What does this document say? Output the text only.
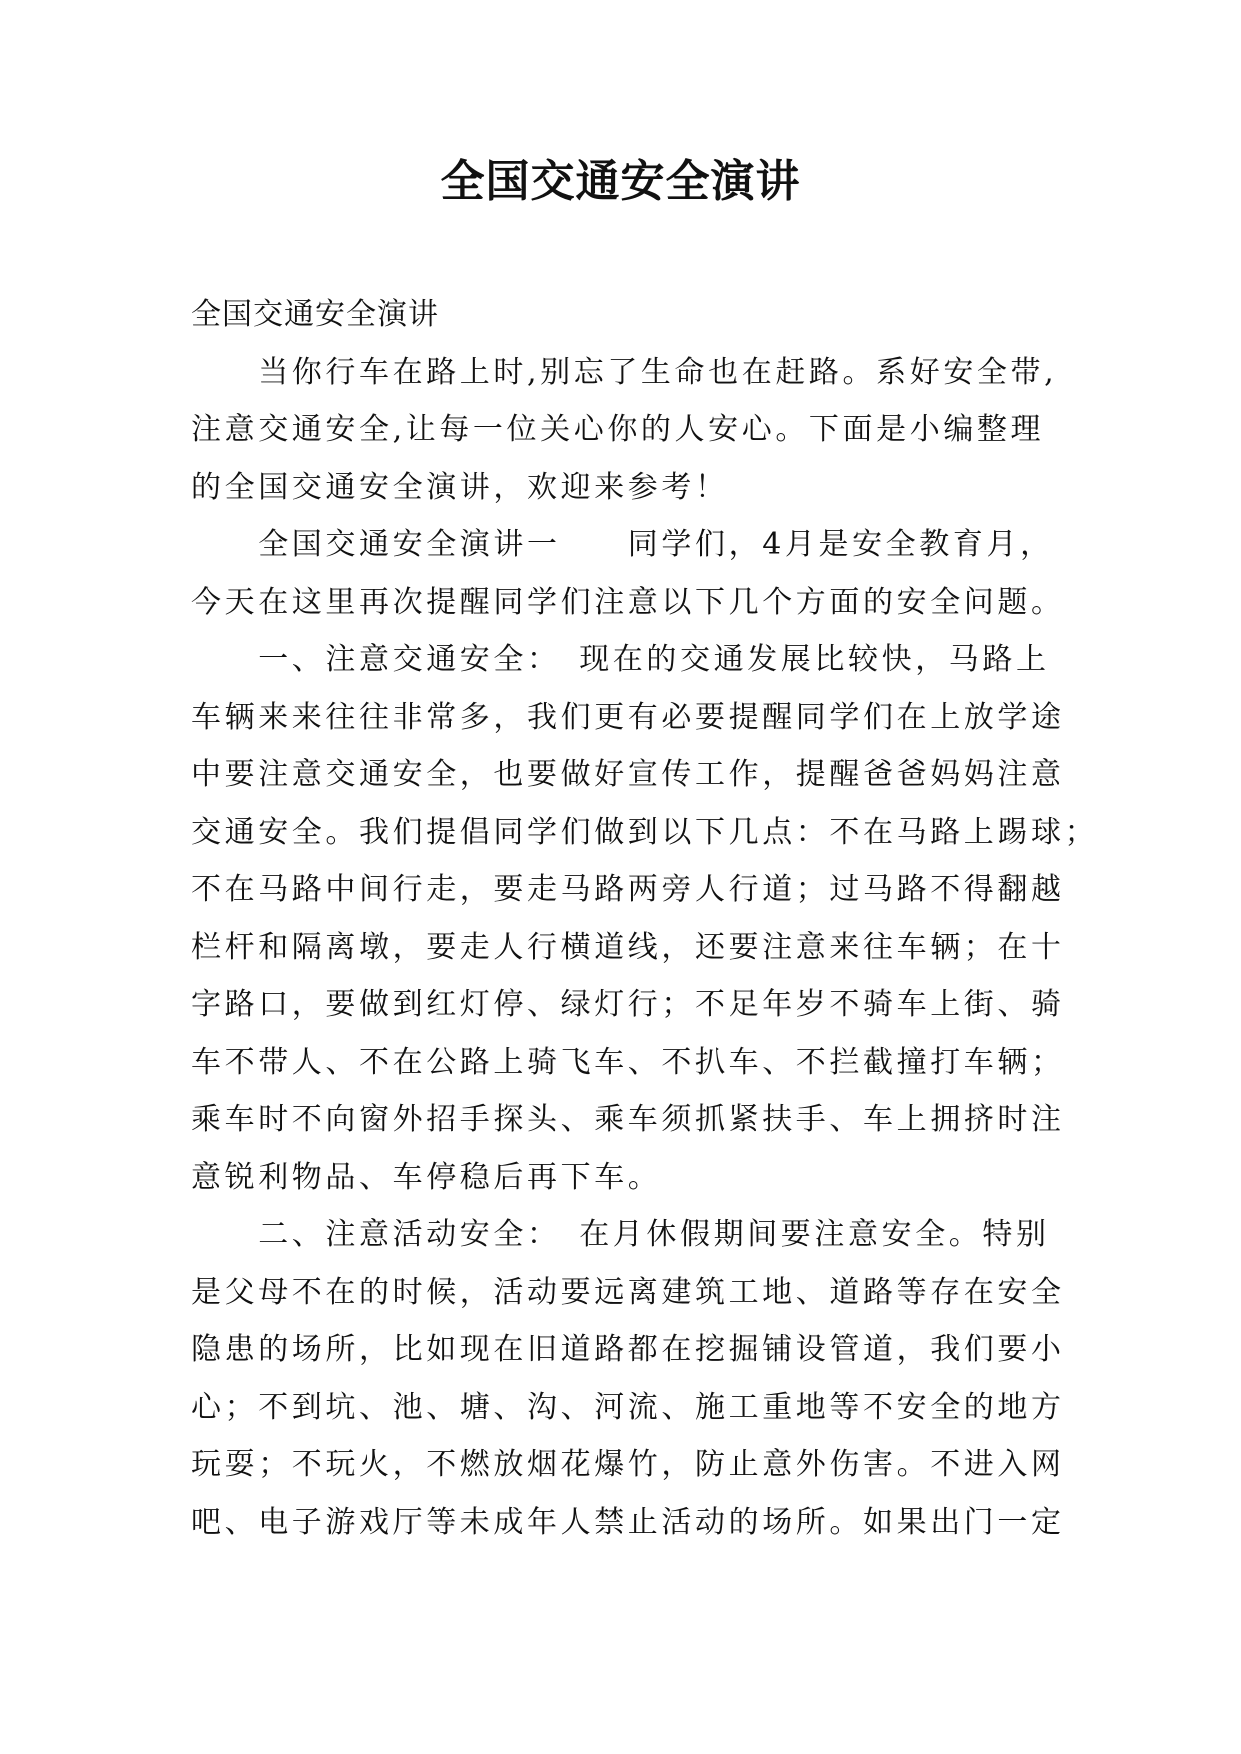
全国交通安全演讲
全国交通安全演讲
　　当你行车在路上时,别忘了生命也在赶路。系好安全带,
注意交通安全,让每一位关心你的人安心。下面是小编整理
的全国交通安全演讲，欢迎来参考！
　　全国交通安全演讲一　　同学们，4月是安全教育月，
今天在这里再次提醒同学们注意以下几个方面的安全问题。
　　一、注意交通安全：　现在的交通发展比较快，马路上
车辆来来往往非常多，我们更有必要提醒同学们在上放学途
中要注意交通安全，也要做好宣传工作，提醒爸爸妈妈注意
交通安全。我们提倡同学们做到以下几点：不在马路上踢球；
不在马路中间行走，要走马路两旁人行道；过马路不得翻越
栏杆和隔离墩，要走人行横道线，还要注意来往车辆；在十
字路口，要做到红灯停、绿灯行；不足年岁不骑车上街、骑
车不带人、不在公路上骑飞车、不扒车、不拦截撞打车辆；
乘车时不向窗外招手探头、乘车须抓紧扶手、车上拥挤时注
意锐利物品、车停稳后再下车。
　　二、注意活动安全：　在月休假期间要注意安全。特别
是父母不在的时候，活动要远离建筑工地、道路等存在安全
隐患的场所，比如现在旧道路都在挖掘铺设管道，我们要小
心；不到坑、池、塘、沟、河流、施工重地等不安全的地方
玩耍；不玩火，不燃放烟花爆竹，防止意外伤害。不进入网
吧、电子游戏厅等未成年人禁止活动的场所。如果出门一定
